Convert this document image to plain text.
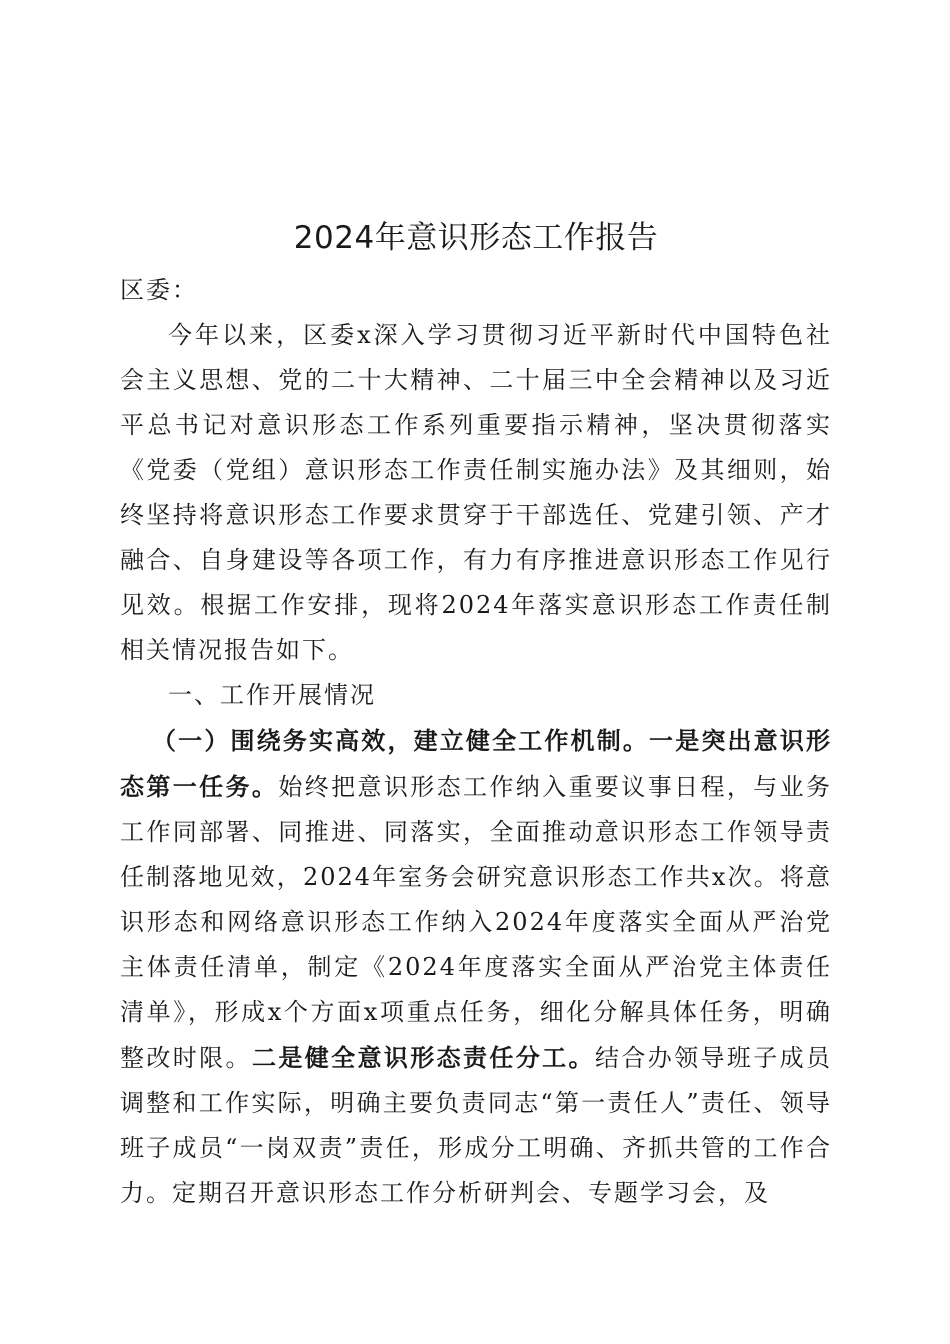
2024年意识形态工作报告

区委：

今年以来，区委x深入学习贯彻习近平新时代中国特色社会主义思想、党的二十大精神、二十届三中全会精神以及习近平总书记对意识形态工作系列重要指示精神，坚决贯彻落实《党委（党组）意识形态工作责任制实施办法》及其细则，始终坚持将意识形态工作要求贯穿于干部选任、党建引领、产才融合、自身建设等各项工作，有力有序推进意识形态工作见行见效。根据工作安排，现将2024年落实意识形态工作责任制相关情况报告如下。

一、工作开展情况

（一）围绕务实高效，建立健全工作机制。一是突出意识形态第一任务。始终把意识形态工作纳入重要议事日程，与业务工作同部署、同推进、同落实，全面推动意识形态工作领导责任制落地见效，2024年室务会研究意识形态工作共x次。将意识形态和网络意识形态工作纳入2024年度落实全面从严治党主体责任清单，制定《2024年度落实全面从严治党主体责任清单》，形成x个方面x项重点任务，细化分解具体任务，明确整改时限。二是健全意识形态责任分工。结合办领导班子成员调整和工作实际，明确主要负责同志“第一责任人”责任、领导班子成员“一岗双责”责任，形成分工明确、齐抓共管的工作合力。定期召开意识形态工作分析研判会、专题学习会，及
